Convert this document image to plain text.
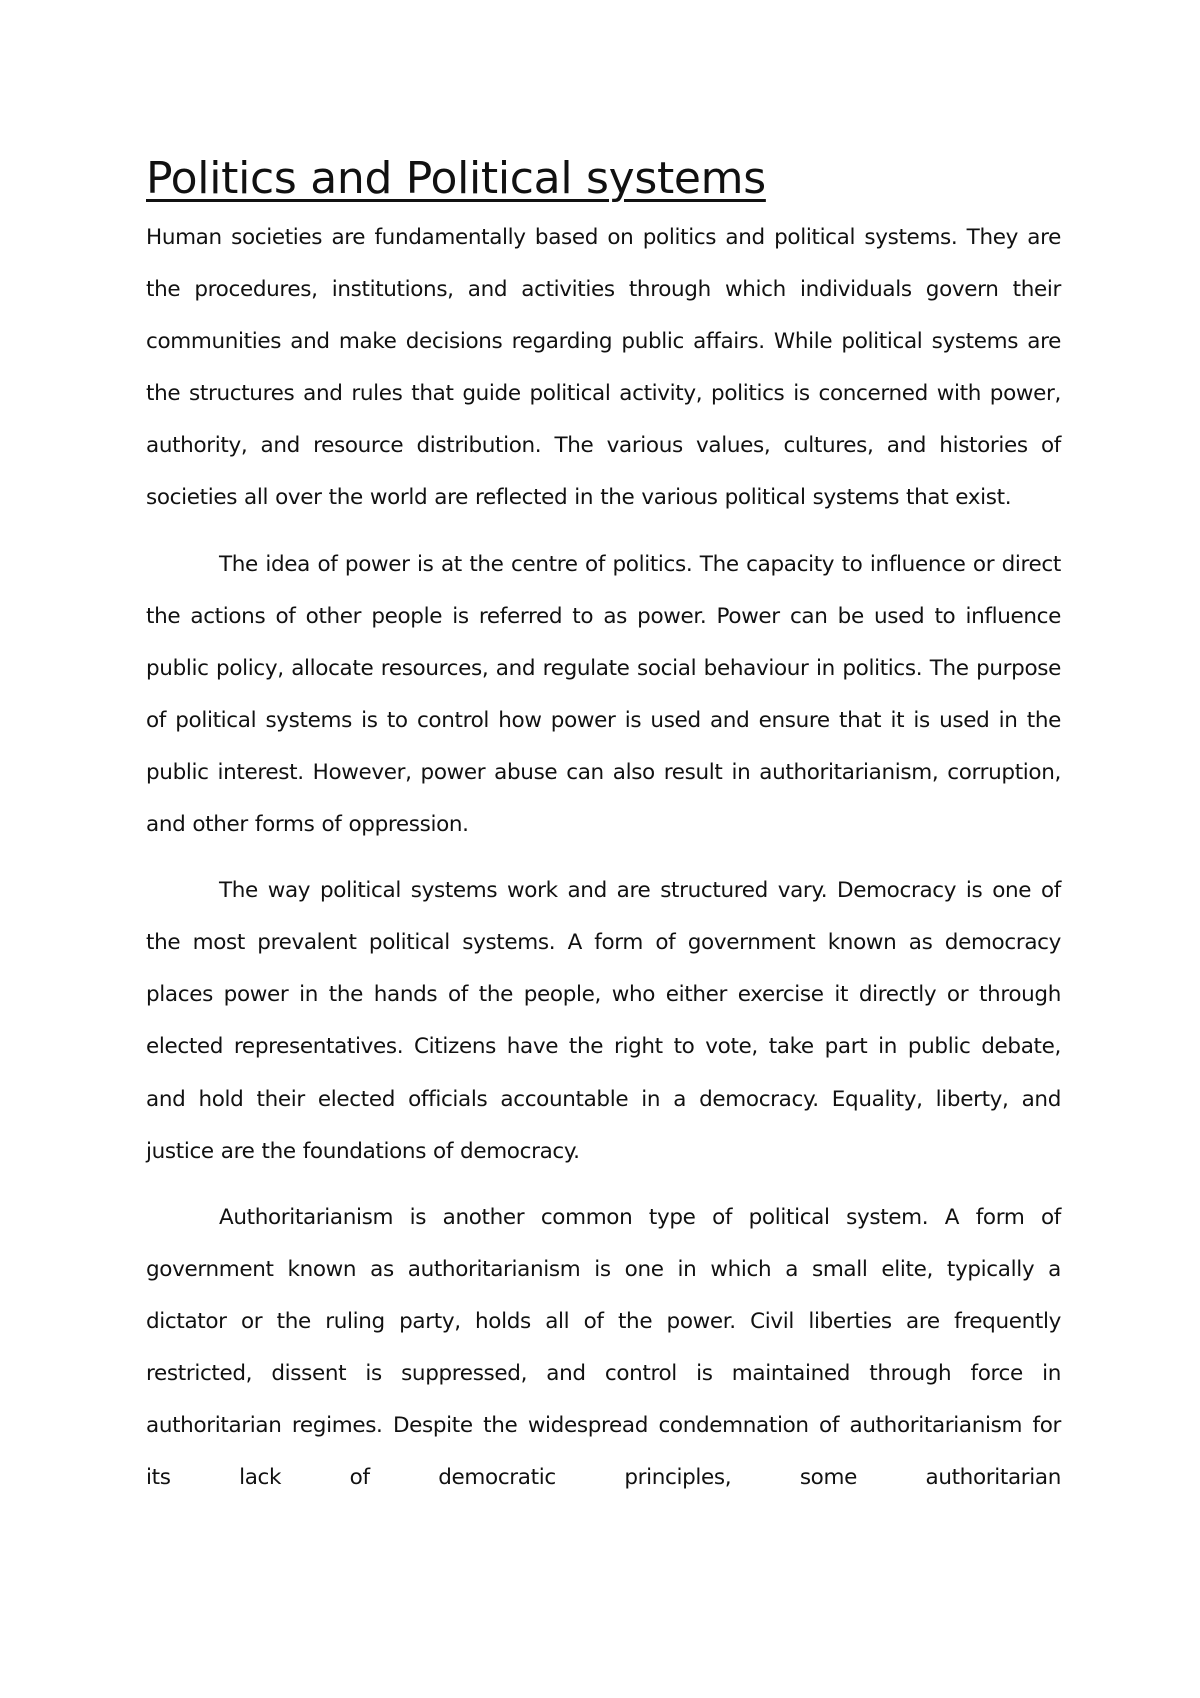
Politics and Political systems

Human societies are fundamentally based on politics and political systems. They are the procedures, institutions, and activities through which individuals govern their communities and make decisions regarding public affairs. While political systems are the structures and rules that guide political activity, politics is concerned with power, authority, and resource distribution. The various values, cultures, and histories of societies all over the world are reflected in the various political systems that exist.

The idea of power is at the centre of politics. The capacity to influence or direct the actions of other people is referred to as power. Power can be used to influence public policy, allocate resources, and regulate social behaviour in politics. The purpose of political systems is to control how power is used and ensure that it is used in the public interest. However, power abuse can also result in authoritarianism, corruption, and other forms of oppression.

The way political systems work and are structured vary. Democracy is one of the most prevalent political systems. A form of government known as democracy places power in the hands of the people, who either exercise it directly or through elected representatives. Citizens have the right to vote, take part in public debate, and hold their elected officials accountable in a democracy. Equality, liberty, and justice are the foundations of democracy.

Authoritarianism is another common type of political system. A form of government known as authoritarianism is one in which a small elite, typically a dictator or the ruling party, holds all of the power. Civil liberties are frequently restricted, dissent is suppressed, and control is maintained through force in authoritarian regimes. Despite the widespread condemnation of authoritarianism for its lack of democratic principles, some authoritarian
